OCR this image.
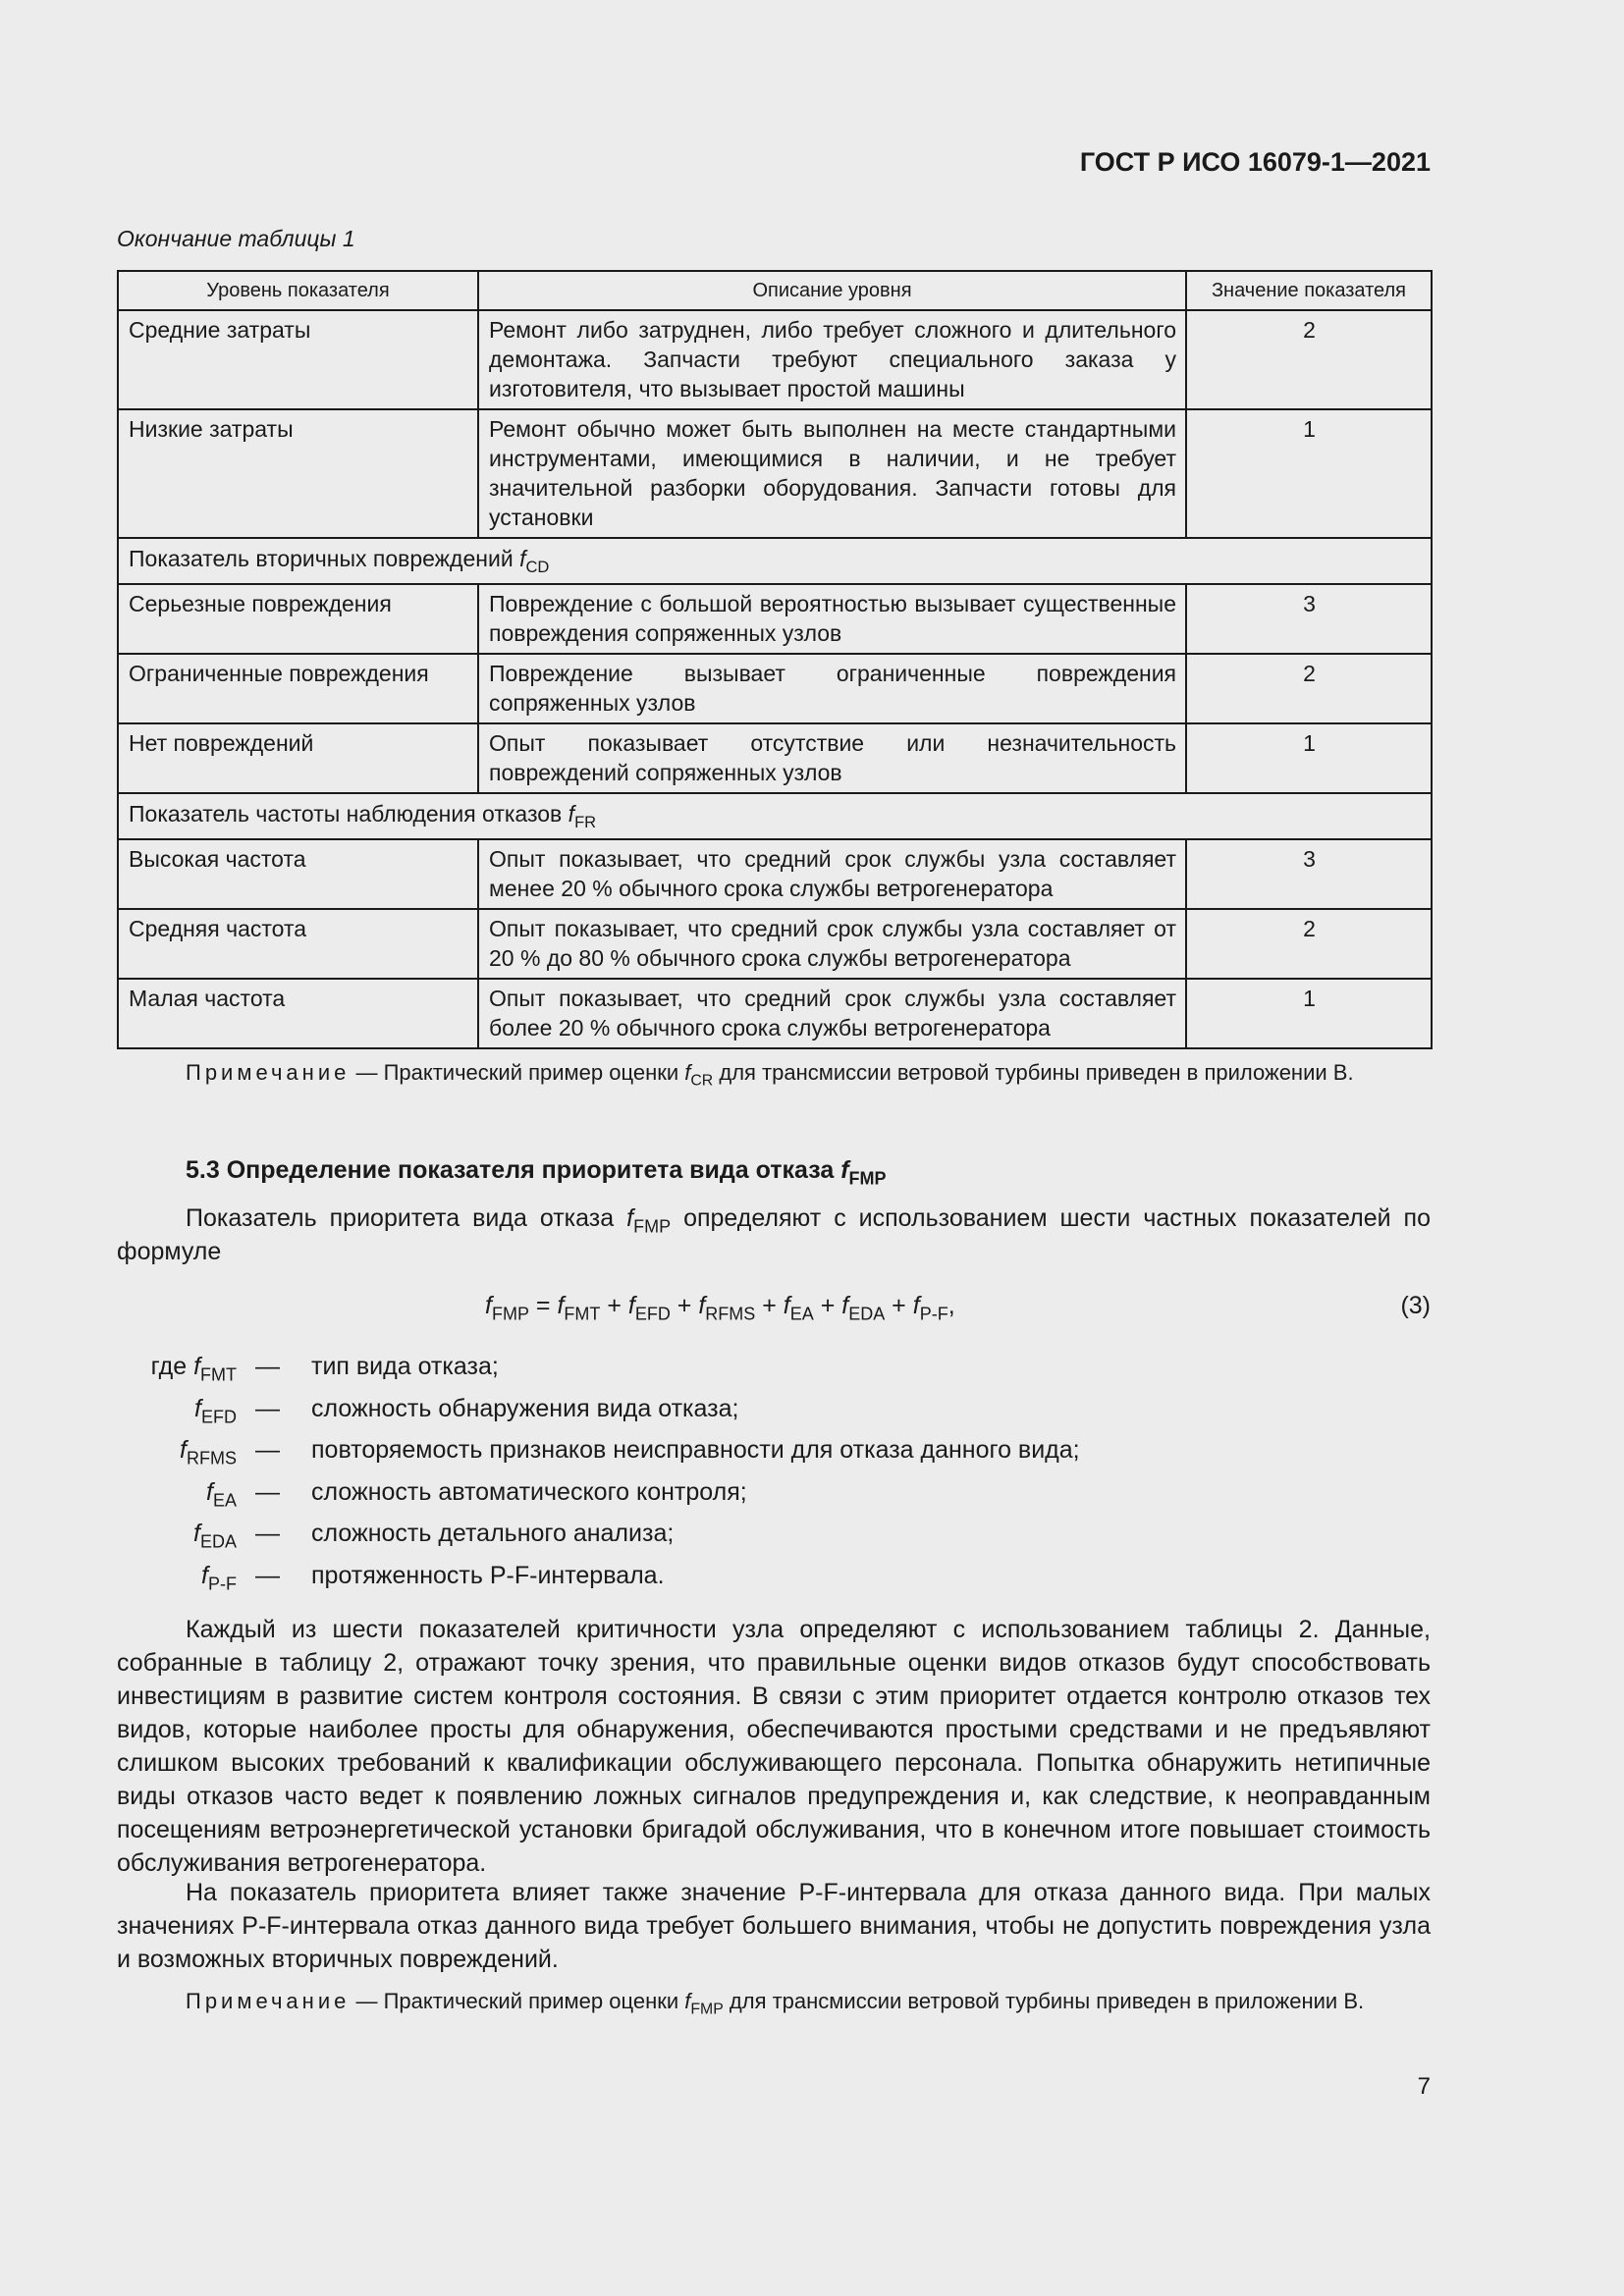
ГОСТ Р ИСО 16079-1—2021
Окончание таблицы 1
Уровень показателя	Описание уровня	Значение показателя
Средние затраты	Ремонт либо затруднен, либо требует сложного и длительного демонтажа. Запчасти требуют специального заказа у изготовителя, что вызывает простой машины	2
Низкие затраты	Ремонт обычно может быть выполнен на месте стандартными инструментами, имеющимися в наличии, и не требует значительной разборки оборудования. Запчасти готовы для установки	1
Показатель вторичных повреждений $f_{CD}$
Серьезные повреждения	Повреждение с большой вероятностью вызывает существенные повреждения сопряженных узлов	3
Ограниченные повреждения	Повреждение вызывает ограниченные повреждения сопряженных узлов	2
Нет повреждений	Опыт показывает отсутствие или незначительность повреждений сопряженных узлов	1
Показатель частоты наблюдения отказов $f_{FR}$
Высокая частота	Опыт показывает, что средний срок службы узла составляет менее 20 % обычного срока службы ветрогенератора	3
Средняя частота	Опыт показывает, что средний срок службы узла составляет от 20 % до 80 % обычного срока службы ветрогенератора	2
Малая частота	Опыт показывает, что средний срок службы узла составляет более 20 % обычного срока службы ветрогенератора	1
Примечание — Практический пример оценки $f_{CR}$ для трансмиссии ветровой турбины приведен в приложении В.
5.3 Определение показателя приоритета вида отказа $f_{FMP}$
Показатель приоритета вида отказа $f_{FMP}$ определяют с использованием шести частных показателей по формуле
$f_{FMP} = f_{FMT} + f_{EFD} + f_{RFMS} + f_{EA} + f_{EDA} + f_{P-F}$,	(3)
где $f_{FMT}$ — тип вида отказа;
$f_{EFD}$ — сложность обнаружения вида отказа;
$f_{RFMS}$ — повторяемость признаков неисправности для отказа данного вида;
$f_{EA}$ — сложность автоматического контроля;
$f_{EDA}$ — сложность детального анализа;
$f_{P-F}$ — протяженность P-F-интервала.
Каждый из шести показателей критичности узла определяют с использованием таблицы 2. Данные, собранные в таблицу 2, отражают точку зрения, что правильные оценки видов отказов будут способствовать инвестициям в развитие систем контроля состояния. В связи с этим приоритет отдается контролю отказов тех видов, которые наиболее просты для обнаружения, обеспечиваются простыми средствами и не предъявляют слишком высоких требований к квалификации обслуживающего персонала. Попытка обнаружить нетипичные виды отказов часто ведет к появлению ложных сигналов предупреждения и, как следствие, к неоправданным посещениям ветроэнергетической установки бригадой обслуживания, что в конечном итоге повышает стоимость обслуживания ветрогенератора.
На показатель приоритета влияет также значение P-F-интервала для отказа данного вида. При малых значениях P-F-интервала отказ данного вида требует большего внимания, чтобы не допустить повреждения узла и возможных вторичных повреждений.
Примечание — Практический пример оценки $f_{FMP}$ для трансмиссии ветровой турбины приведен в приложении В.
7
